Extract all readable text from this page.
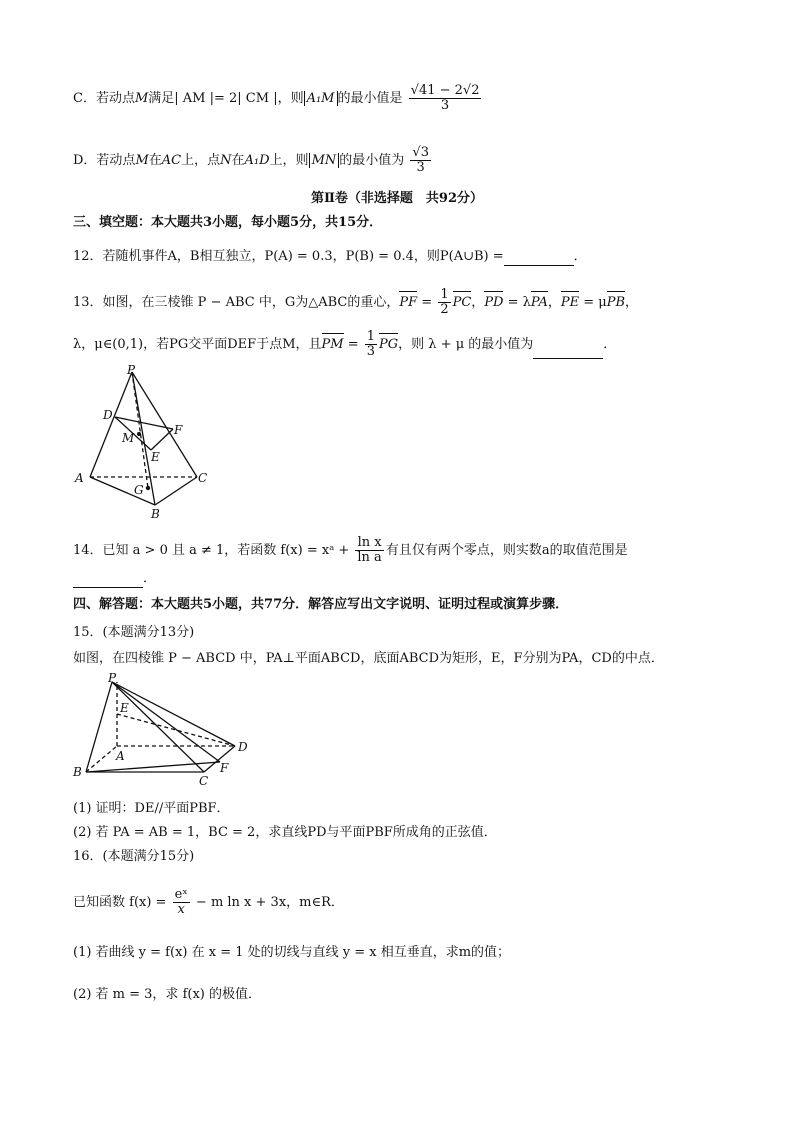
C．若动点M满足| AM |= 2| CM |，则 A₁M 的最小值是 $\frac{√41 - 2√2}{3}$
D．若动点M在AC上，点N在A₁D上，则 MN 的最小值为 $\frac{√3}{3}$
第Ⅱ卷（非选择题　共92分）
三、填空题：本大题共3小题，每小题5分，共15分．
12．若随机事件A，B相互独立，P(A) = 0.3，P(B) = 0.4，则P(A∪B) =	．
13．如图，在三棱锥 P − ABC 中，G为△ABC的重心，PF = $\frac{1}{2}$ PC，PD = λPA，PE = μPB，
λ，μ∈(0,1)，若PG交平面DEF于点M，且PM = $\frac{1}{3}$ PG，则 λ + μ 的最小值为	．
P
D
M
F
E
A	C
G
B
14．已知 a > 0 且 a ≠ 1，若函数 f(x) = xᵃ + $\frac{\text{ln x}}{\text{ln a}}$ 有且仅有两个零点，则实数a的取值范围是
．
四、解答题：本大题共5小题，共77分．解答应写出文字说明、证明过程或演算步骤．
15．(本题满分13分)
如图，在四棱锥 P − ABCD 中，PA⊥平面ABCD，底面ABCD为矩形，E，F分别为PA，CD的中点．
P
E
A
B
C
D
F
(1) 证明：DE//平面PBF．
(2) 若 PA = AB = 1，BC = 2，求直线PD与平面PBF所成角的正弦值．
16．(本题满分15分)
已知函数 $f(x) = \frac{\text{eˣ}}{x} - m$ ln x + 3x，m∈R．
(1) 若曲线 y = f(x) 在 x = 1 处的切线与直线 y = x 相互垂直，求m的值；
(2) 若 m = 3，求 f(x) 的极值．
